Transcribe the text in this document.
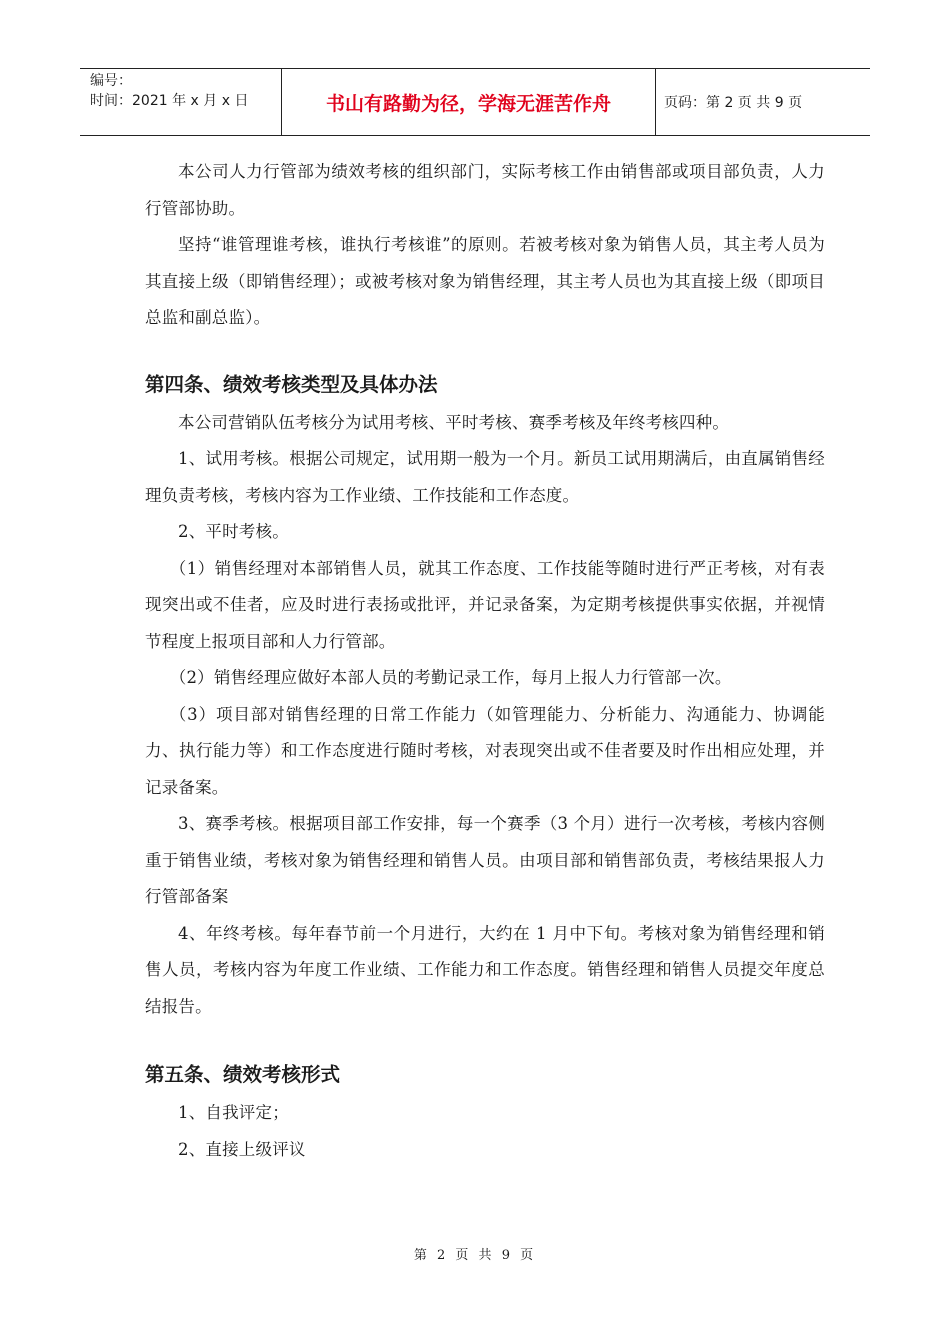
编号：
时间：2021 年 x 月 x 日	书山有路勤为径，学海无涯苦作舟	页码：第 2 页 共 9 页

本公司人力行管部为绩效考核的组织部门，实际考核工作由销售部或项目部负责，人力行管部协助。

坚持“谁管理谁考核，谁执行考核谁”的原则。若被考核对象为销售人员，其主考人员为其直接上级（即销售经理）；或被考核对象为销售经理，其主考人员也为其直接上级（即项目总监和副总监）。

第四条、绩效考核类型及具体办法

本公司营销队伍考核分为试用考核、平时考核、赛季考核及年终考核四种。

1、试用考核。根据公司规定，试用期一般为一个月。新员工试用期满后，由直属销售经理负责考核，考核内容为工作业绩、工作技能和工作态度。

2、平时考核。

（1）销售经理对本部销售人员，就其工作态度、工作技能等随时进行严正考核，对有表现突出或不佳者，应及时进行表扬或批评，并记录备案，为定期考核提供事实依据，并视情节程度上报项目部和人力行管部。

（2）销售经理应做好本部人员的考勤记录工作，每月上报人力行管部一次。

（3）项目部对销售经理的日常工作能力（如管理能力、分析能力、沟通能力、协调能力、执行能力等）和工作态度进行随时考核，对表现突出或不佳者要及时作出相应处理，并记录备案。

3、赛季考核。根据项目部工作安排，每一个赛季（3 个月）进行一次考核，考核内容侧重于销售业绩，考核对象为销售经理和销售人员。由项目部和销售部负责，考核结果报人力行管部备案

4、年终考核。每年春节前一个月进行，大约在 1 月中下旬。考核对象为销售经理和销售人员，考核内容为年度工作业绩、工作能力和工作态度。销售经理和销售人员提交年度总结报告。

第五条、绩效考核形式

1、自我评定；

2、直接上级评议

第 2 页 共 9 页
